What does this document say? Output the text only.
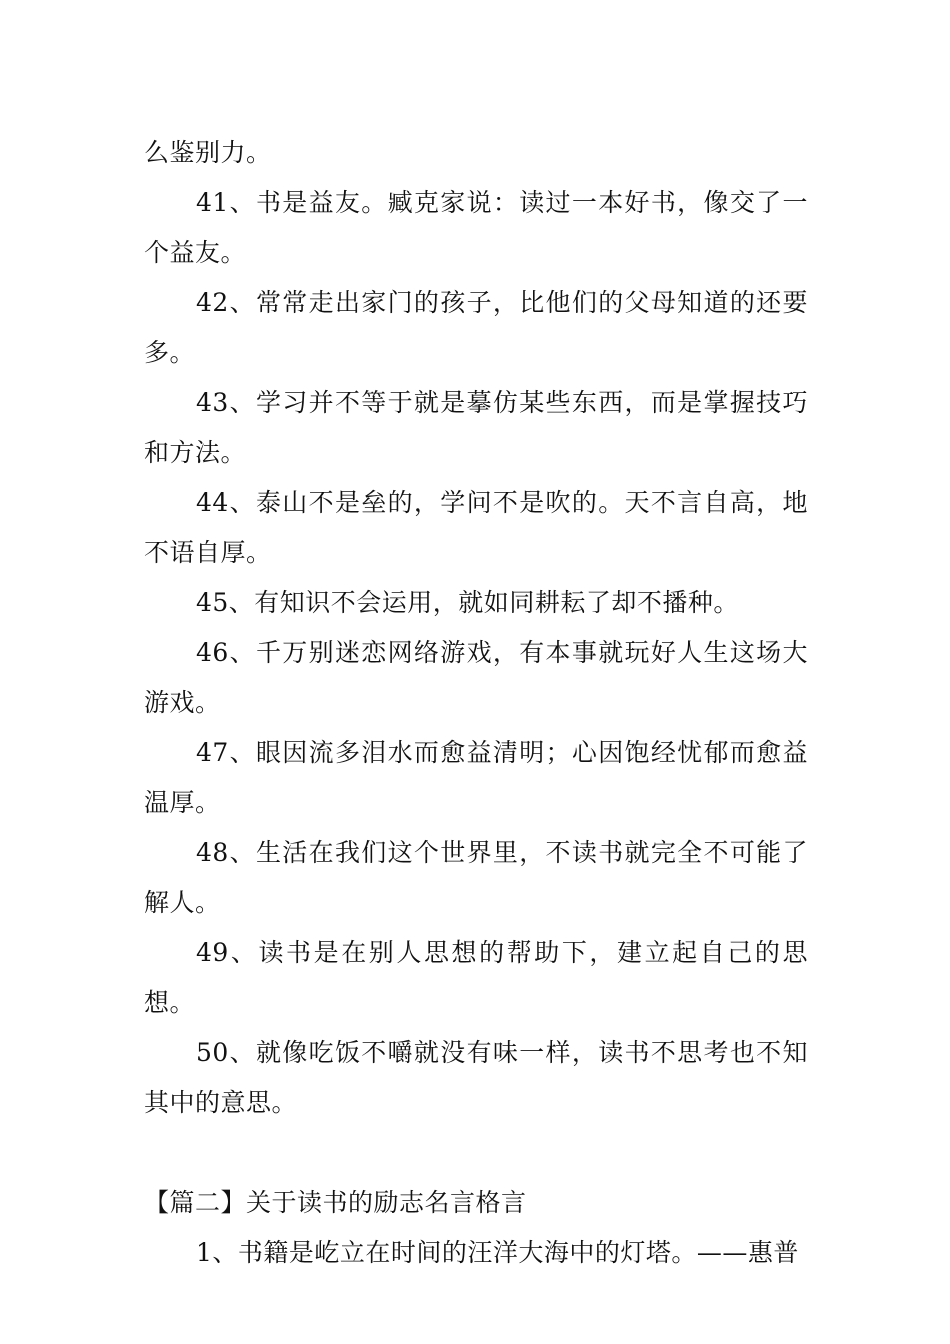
么鉴别力。

41、书是益友。臧克家说：读过一本好书，像交了一个益友。

42、常常走出家门的孩子，比他们的父母知道的还要多。

43、学习并不等于就是摹仿某些东西，而是掌握技巧和方法。

44、泰山不是垒的，学问不是吹的。天不言自高，地不语自厚。

45、有知识不会运用，就如同耕耘了却不播种。

46、千万别迷恋网络游戏，有本事就玩好人生这场大游戏。

47、眼因流多泪水而愈益清明；心因饱经忧郁而愈益温厚。

48、生活在我们这个世界里，不读书就完全不可能了解人。

49、读书是在别人思想的帮助下，建立起自己的思想。

50、就像吃饭不嚼就没有味一样，读书不思考也不知其中的意思。

【篇二】关于读书的励志名言格言

1、书籍是屹立在时间的汪洋大海中的灯塔。——惠普
